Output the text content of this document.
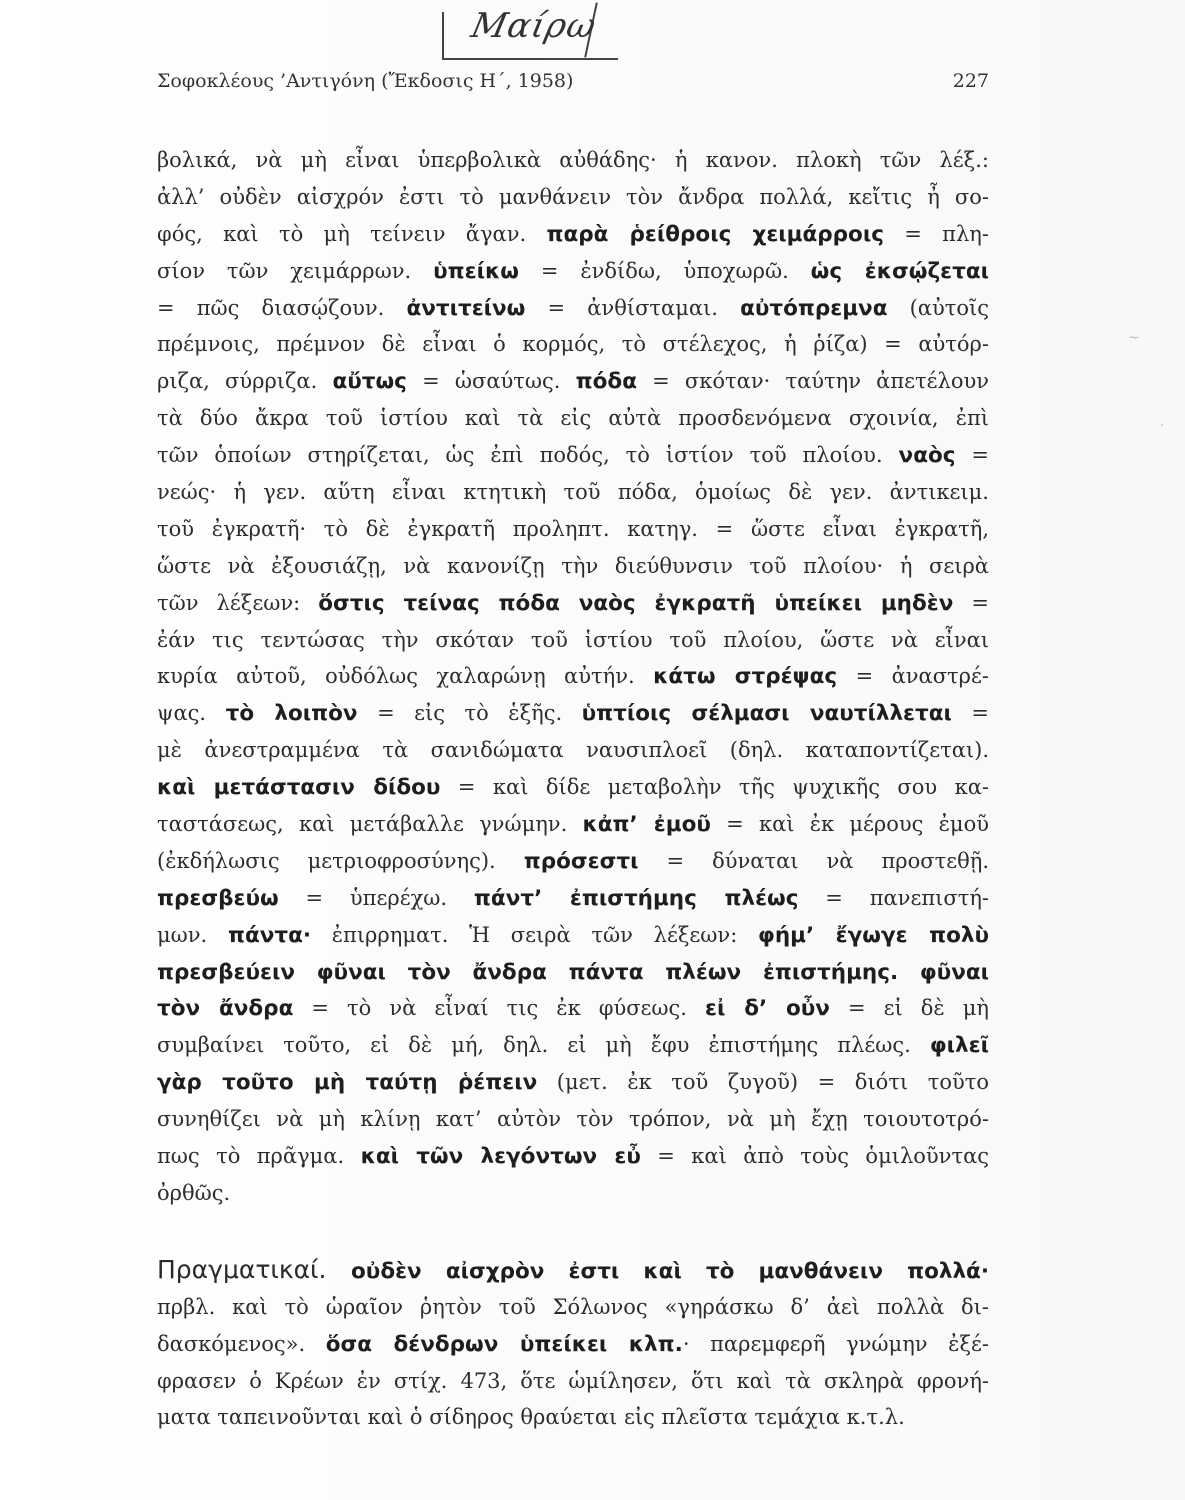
Μαίρω
Σοφοκλέους ’Αντιγόνη (Ἔκδοσις Η΄, 1958)	227
βολικά, νὰ μὴ εἶναι ὑπερβολικὰ αὐθάδης· ἡ κανον. πλοκὴ τῶν λέξ.:
ἀλλ’ οὐδὲν αἰσχρόν ἐστι τὸ μανθάνειν τὸν ἄνδρα πολλά, κεἴτις ἦ σο-
φός, καὶ τὸ μὴ τείνειν ἄγαν. παρὰ ῥείθροις χειμάρροις = πλη-
σίον τῶν χειμάρρων. ὑπείκω = ἐνδίδω, ὑποχωρῶ. ὡς ἐκσῴζεται
= πῶς διασῴζουν. ἀντιτείνω = ἀνθίσταμαι. αὐτόπρεμνα (αὐτοῖς
πρέμνοις, πρέμνον δὲ εἶναι ὁ κορμός, τὸ στέλεχος, ἡ ῥίζα) = αὐτόρ-
ριζα, σύρριζα. αὔτως = ὡσαύτως. πόδα = σκόταν· ταύτην ἀπετέλουν
τὰ δύο ἄκρα τοῦ ἱστίου καὶ τὰ εἰς αὐτὰ προσδενόμενα σχοινία, ἐπὶ
τῶν ὁποίων στηρίζεται, ὡς ἐπὶ ποδός, τὸ ἱστίον τοῦ πλοίου. ναὸς =
νεώς· ἡ γεν. αὕτη εἶναι κτητικὴ τοῦ πόδα, ὁμοίως δὲ γεν. ἀντικειμ.
τοῦ ἐγκρατῆ· τὸ δὲ ἐγκρατῆ προληπτ. κατηγ. = ὥστε εἶναι ἐγκρατῆ,
ὥστε νὰ ἐξουσιάζῃ, νὰ κανονίζῃ τὴν διεύθυνσιν τοῦ πλοίου· ἡ σειρὰ
τῶν λέξεων: ὅστις τείνας πόδα ναὸς ἐγκρατῆ ὑπείκει μηδὲν =
ἐάν τις τεντώσας τὴν σκόταν τοῦ ἱστίου τοῦ πλοίου, ὥστε νὰ εἶναι
κυρία αὐτοῦ, οὐδόλως χαλαρώνῃ αὐτήν. κάτω στρέψας = ἀναστρέ-
ψας. τὸ λοιπὸν = εἰς τὸ ἑξῆς. ὑπτίοις σέλμασι ναυτίλλεται =
μὲ ἀνεστραμμένα τὰ σανιδώματα ναυσιπλοεῖ (δηλ. καταποντίζεται).
καὶ μετάστασιν δίδου = καὶ δίδε μεταβολὴν τῆς ψυχικῆς σου κα-
ταστάσεως, καὶ μετάβαλλε γνώμην. κἀπ’ ἐμοῦ = καὶ ἐκ μέρους ἐμοῦ
(ἐκδήλωσις μετριοφροσύνης). πρόσεστι = δύναται νὰ προστεθῇ.
πρεσβεύω = ὑπερέχω. πάντ’ ἐπιστήμης πλέως = πανεπιστή-
μων. πάντα· ἐπιρρηματ. Ἡ σειρὰ τῶν λέξεων: φήμ’ ἔγωγε πολὺ
πρεσβεύειν φῦναι τὸν ἄνδρα πάντα πλέων ἐπιστήμης. φῦναι
τὸν ἄνδρα = τὸ νὰ εἶναί τις ἐκ φύσεως. εἰ δ’ οὖν = εἰ δὲ μὴ
συμβαίνει τοῦτο, εἰ δὲ μή, δηλ. εἰ μὴ ἔφυ ἐπιστήμης πλέως. φιλεῖ
γὰρ τοῦτο μὴ ταύτῃ ῥέπειν (μετ. ἐκ τοῦ ζυγοῦ) = διότι τοῦτο
συνηθίζει νὰ μὴ κλίνῃ κατ’ αὐτὸν τὸν τρόπον, νὰ μὴ ἔχῃ τοιουτοτρό-
πως τὸ πρᾶγμα. καὶ τῶν λεγόντων εὖ = καὶ ἀπὸ τοὺς ὁμιλοῦντας
ὀρθῶς.
Πραγματικαί. οὐδὲν αἰσχρὸν ἐστι καὶ τὸ μανθάνειν πολλά·
πρβλ. καὶ τὸ ὡραῖον ῥητὸν τοῦ Σόλωνος «γηράσκω δ’ ἀεὶ πολλὰ δι-
δασκόμενος». ὅσα δένδρων ὑπείκει κλπ.· παρεμφερῆ γνώμην ἐξέ-
φρασεν ὁ Κρέων ἐν στίχ. 473, ὅτε ὡμίλησεν, ὅτι καὶ τὰ σκληρὰ φρονή-
ματα ταπεινοῦνται καὶ ὁ σίδηρος θραύεται εἰς πλεῖστα τεμάχια κ.τ.λ.
~
·
